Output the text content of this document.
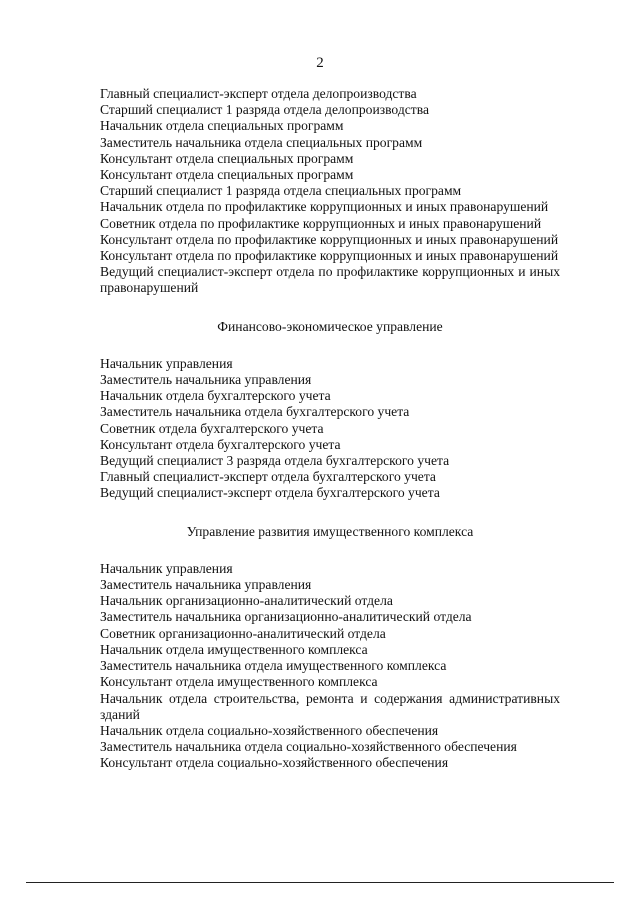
2
Главный специалист-эксперт отдела делопроизводства
Старший специалист 1 разряда отдела делопроизводства
Начальник отдела специальных программ
Заместитель начальника отдела специальных программ
Консультант отдела специальных программ
Консультант отдела специальных программ
Старший специалист 1 разряда отдела специальных программ
Начальник отдела по профилактике коррупционных и иных правонарушений
Советник отдела по профилактике коррупционных и иных правонарушений
Консультант отдела по профилактике коррупционных и иных правонарушений
Консультант отдела по профилактике коррупционных и иных правонарушений
Ведущий специалист-эксперт отдела по профилактике коррупционных и иных правонарушений
Финансово-экономическое управление
Начальник управления
Заместитель начальника управления
Начальник отдела бухгалтерского учета
Заместитель начальника отдела бухгалтерского учета
Советник отдела бухгалтерского учета
Консультант отдела бухгалтерского учета
Ведущий специалист 3 разряда отдела бухгалтерского учета
Главный специалист-эксперт отдела бухгалтерского учета
Ведущий специалист-эксперт отдела бухгалтерского учета
Управление развития имущественного комплекса
Начальник управления
Заместитель начальника управления
Начальник организационно-аналитический отдела
Заместитель начальника организационно-аналитический отдела
Советник организационно-аналитический отдела
Начальник отдела имущественного комплекса
Заместитель начальника отдела имущественного комплекса
Консультант отдела имущественного комплекса
Начальник отдела строительства, ремонта и содержания административных зданий
Начальник отдела социально-хозяйственного обеспечения
Заместитель начальника отдела социально-хозяйственного обеспечения
Консультант отдела социально-хозяйственного обеспечения
